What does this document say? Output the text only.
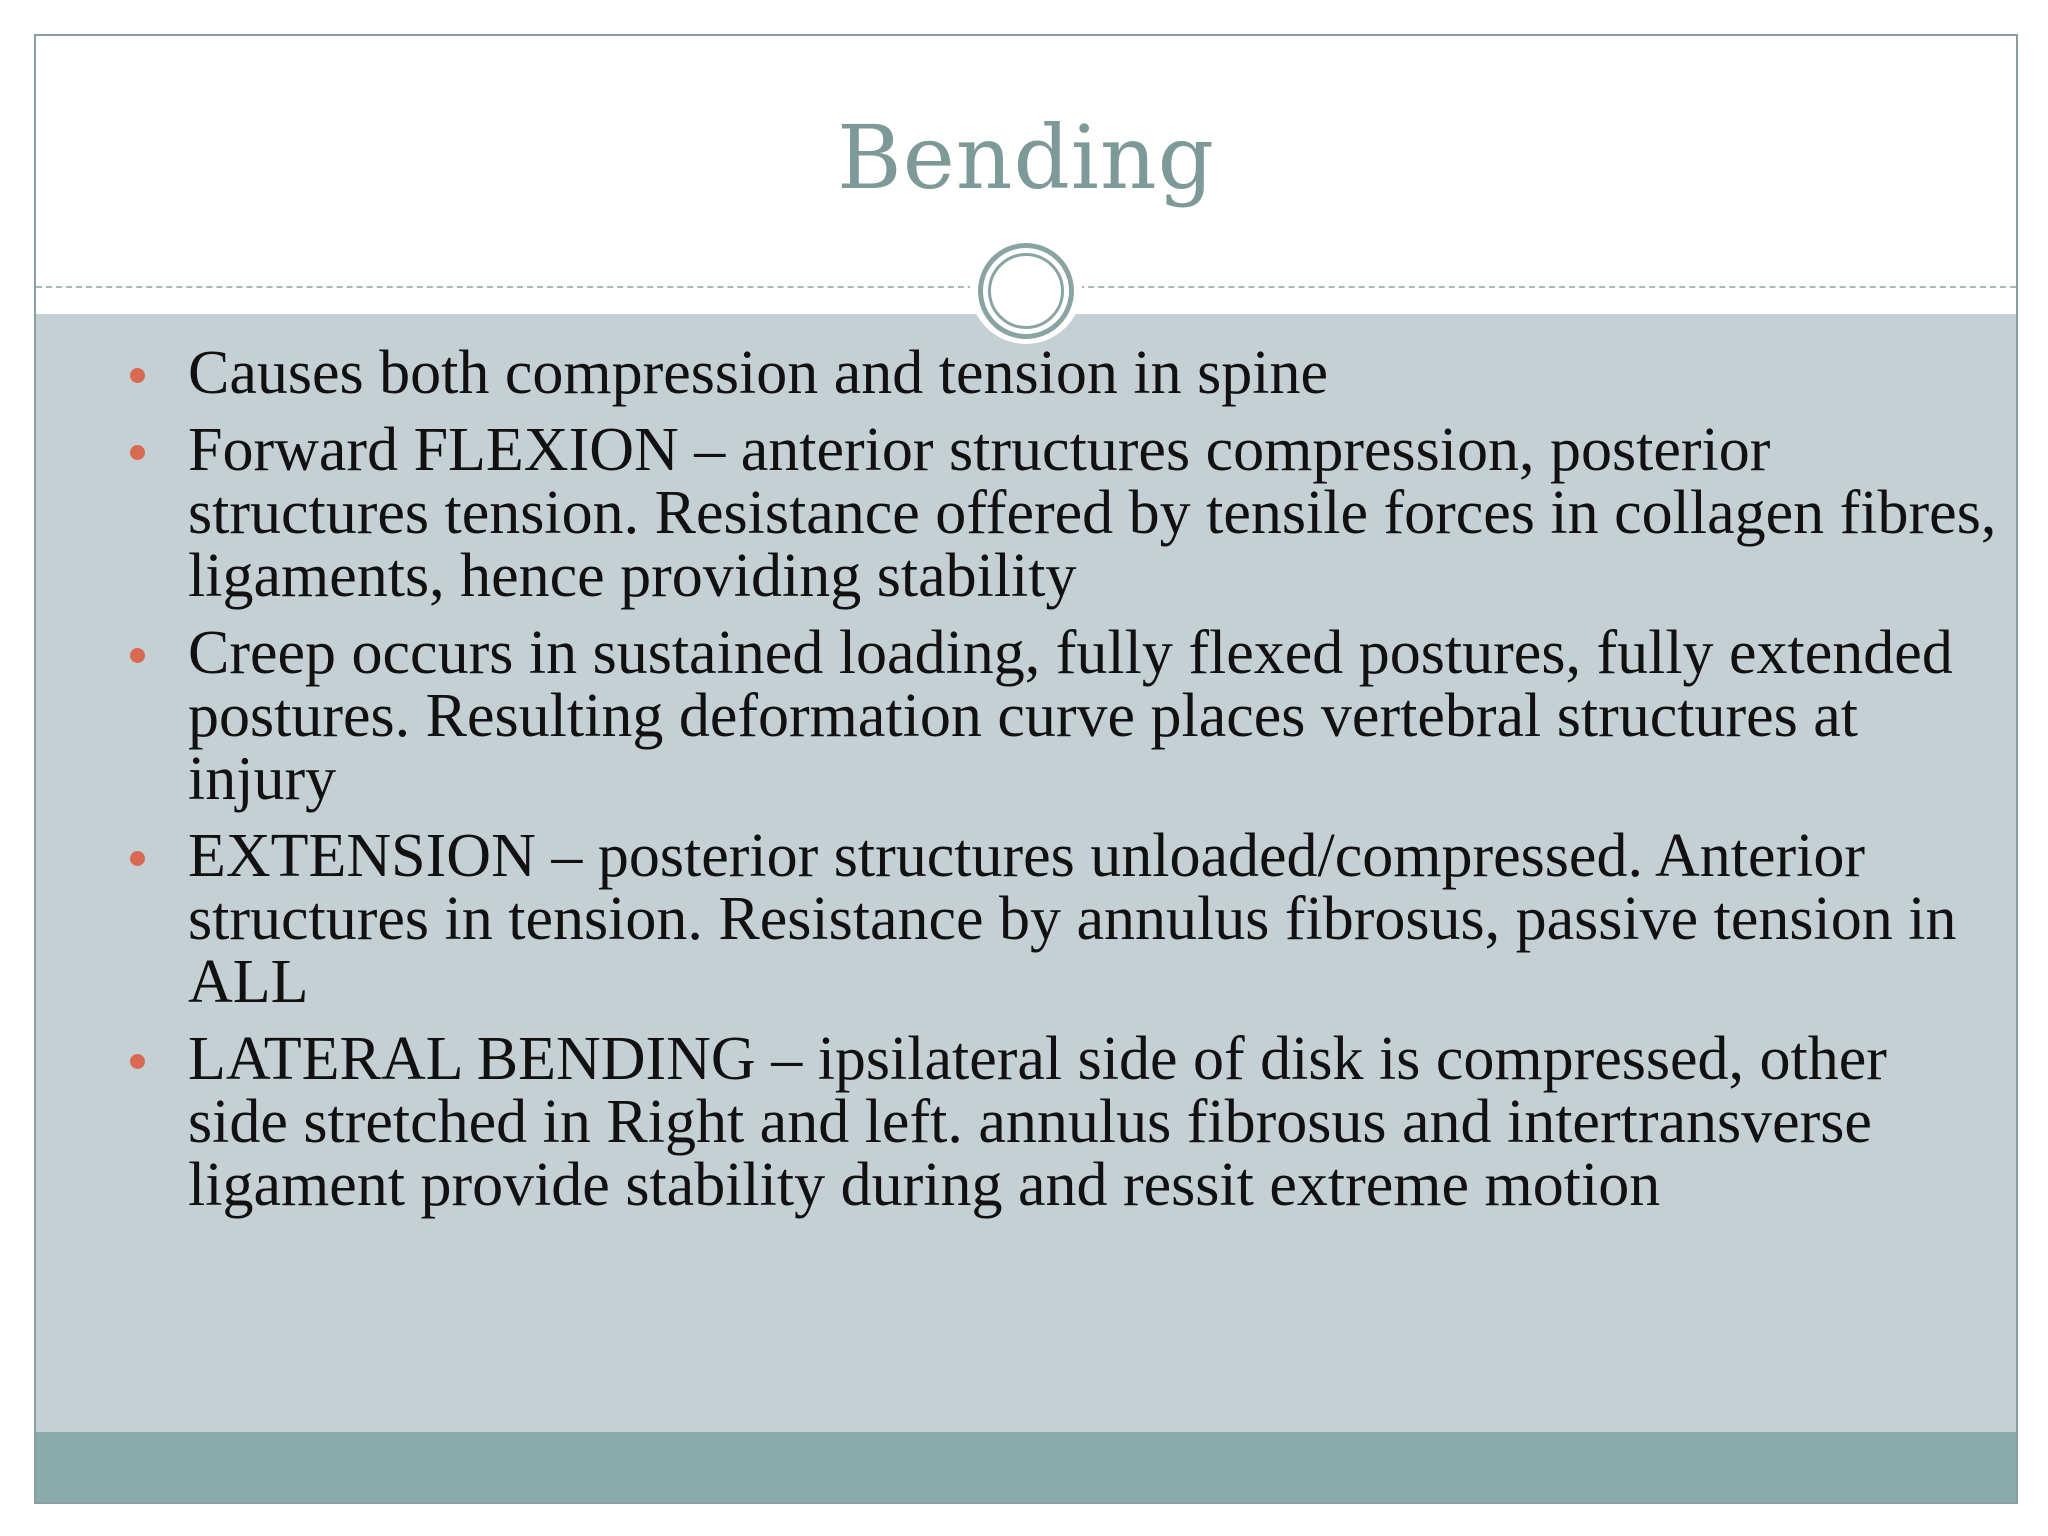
Bending
Causes both compression and tension in spine
Forward FLEXION – anterior structures compression, posterior structures tension. Resistance offered by tensile forces in collagen fibres, ligaments, hence providing stability
Creep occurs in sustained loading, fully flexed postures, fully extended postures. Resulting deformation curve places vertebral structures at injury
EXTENSION – posterior structures unloaded/compressed. Anterior structures in tension. Resistance by annulus fibrosus, passive tension in ALL
LATERAL BENDING – ipsilateral side of disk is compressed, other side stretched in Right and left. annulus fibrosus and intertransverse ligament provide stability during and ressit extreme motion
